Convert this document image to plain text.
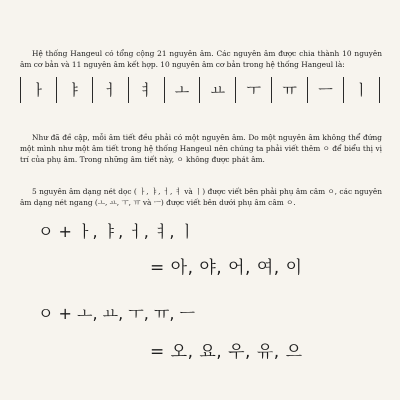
Hệ thống Hangeul có tổng cộng 21 nguyên âm. Các nguyên âm được chia thành 10 nguyên âm cơ bản và 11 nguyên âm kết hợp. 10 nguyên âm cơ bản trong hệ thống Hangeul là:

ㅏ	ㅑ	ㅓ	ㅕ	ㅗ	ㅛ	ㅜ	ㅠ	ㅡ	ㅣ

Như đã đề cập, mỗi âm tiết đều phải có một nguyên âm. Do một nguyên âm không thể đứng một mình như một âm tiết trong hệ thống Hangeul nên chúng ta phải viết thêm ㅇ để biểu thị vị trí của phụ âm. Trong những âm tiết này, ㅇ không được phát âm.

5 nguyên âm dạng nét dọc ( ㅏ, ㅑ, ㅓ, ㅕ và ㅣ) được viết bên phải phụ âm câm ㅇ, các nguyên âm dạng nét ngang (ㅗ, ㅛ, ㅜ, ㅠ và ㅡ) được viết bên dưới phụ âm câm ㅇ.

ㅇ + ㅏ, ㅑ, ㅓ, ㅕ, ㅣ
= 아, 야, 어, 여, 이
ㅇ + ㅗ, ㅛ, ㅜ, ㅠ, ㅡ
= 오, 요, 우, 유, 으
